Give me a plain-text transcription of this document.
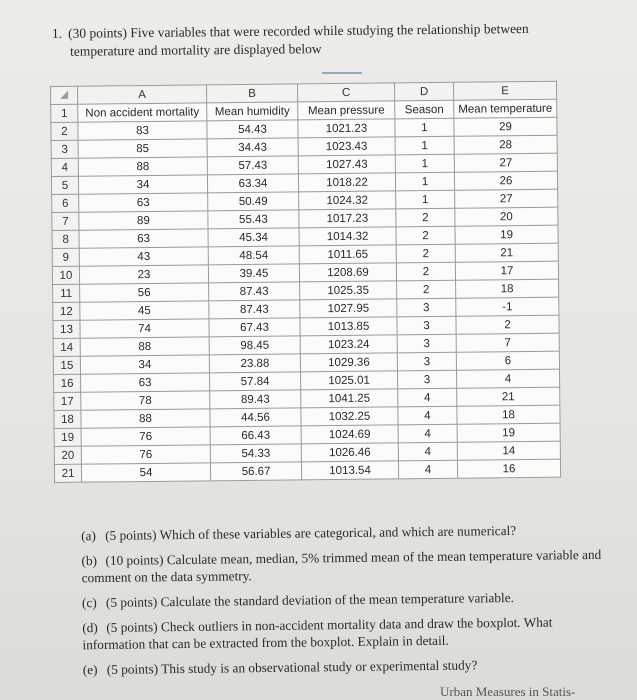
1. (30 points) Five variables that were recorded while studying the relationship between
temperature and mortality are displayed below
	A	B	C	D	E
1	Non accident mortality	Mean humidity	Mean pressure	Season	Mean temperature
2	83	54.43	1021.23	1	29
3	85	34.43	1023.43	1	28
4	88	57.43	1027.43	1	27
5	34	63.34	1018.22	1	26
6	63	50.49	1024.32	1	27
7	89	55.43	1017.23	2	20
8	63	45.34	1014.32	2	19
9	43	48.54	1011.65	2	21
10	23	39.45	1208.69	2	17
11	56	87.43	1025.35	2	18
12	45	87.43	1027.95	3	-1
13	74	67.43	1013.85	3	2
14	88	98.45	1023.24	3	7
15	34	23.88	1029.36	3	6
16	63	57.84	1025.01	3	4
17	78	89.43	1041.25	4	21
18	88	44.56	1032.25	4	18
19	76	66.43	1024.69	4	19
20	76	54.33	1026.46	4	14
21	54	56.67	1013.54	4	16
(a) (5 points) Which of these variables are categorical, and which are numerical?
(b) (10 points) Calculate mean, median, 5% trimmed mean of the mean temperature variable and comment on the data symmetry.
(c) (5 points) Calculate the standard deviation of the mean temperature variable.
(d) (5 points) Check outliers in non-accident mortality data and draw the boxplot. What information that can be extracted from the boxplot. Explain in detail.
(e) (5 points) This study is an observational study or experimental study?
Urban Measures in Statis-
